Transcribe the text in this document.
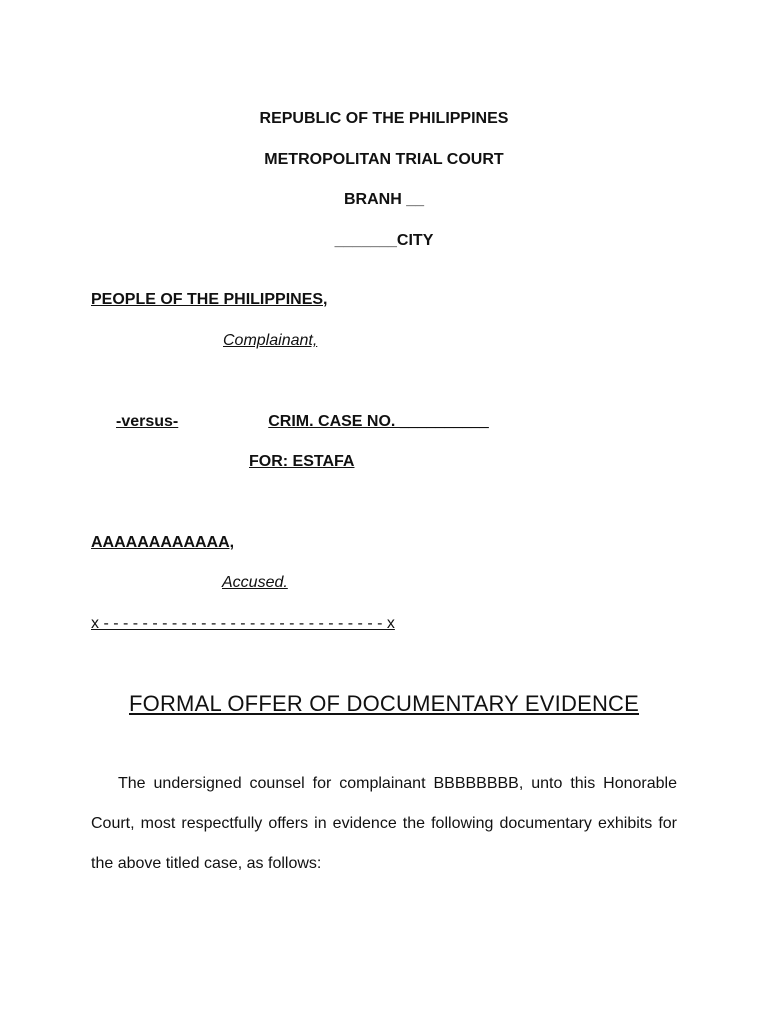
REPUBLIC OF THE PHILIPPINES
METROPOLITAN TRIAL COURT
BRANH __
_______CITY
PEOPLE OF THE PHILIPPINES,
Complainant,
-versus-	CRIM. CASE NO. __________
FOR: ESTAFA
AAAAAAAAAAAA,
Accused.
x - - - - - - - - - - - - - - - - - - - - - - - - - - - - - x
FORMAL OFFER OF DOCUMENTARY EVIDENCE
The undersigned counsel for complainant BBBBBBBB, unto this Honorable Court, most respectfully offers in evidence the following documentary exhibits for the above titled case, as follows:
